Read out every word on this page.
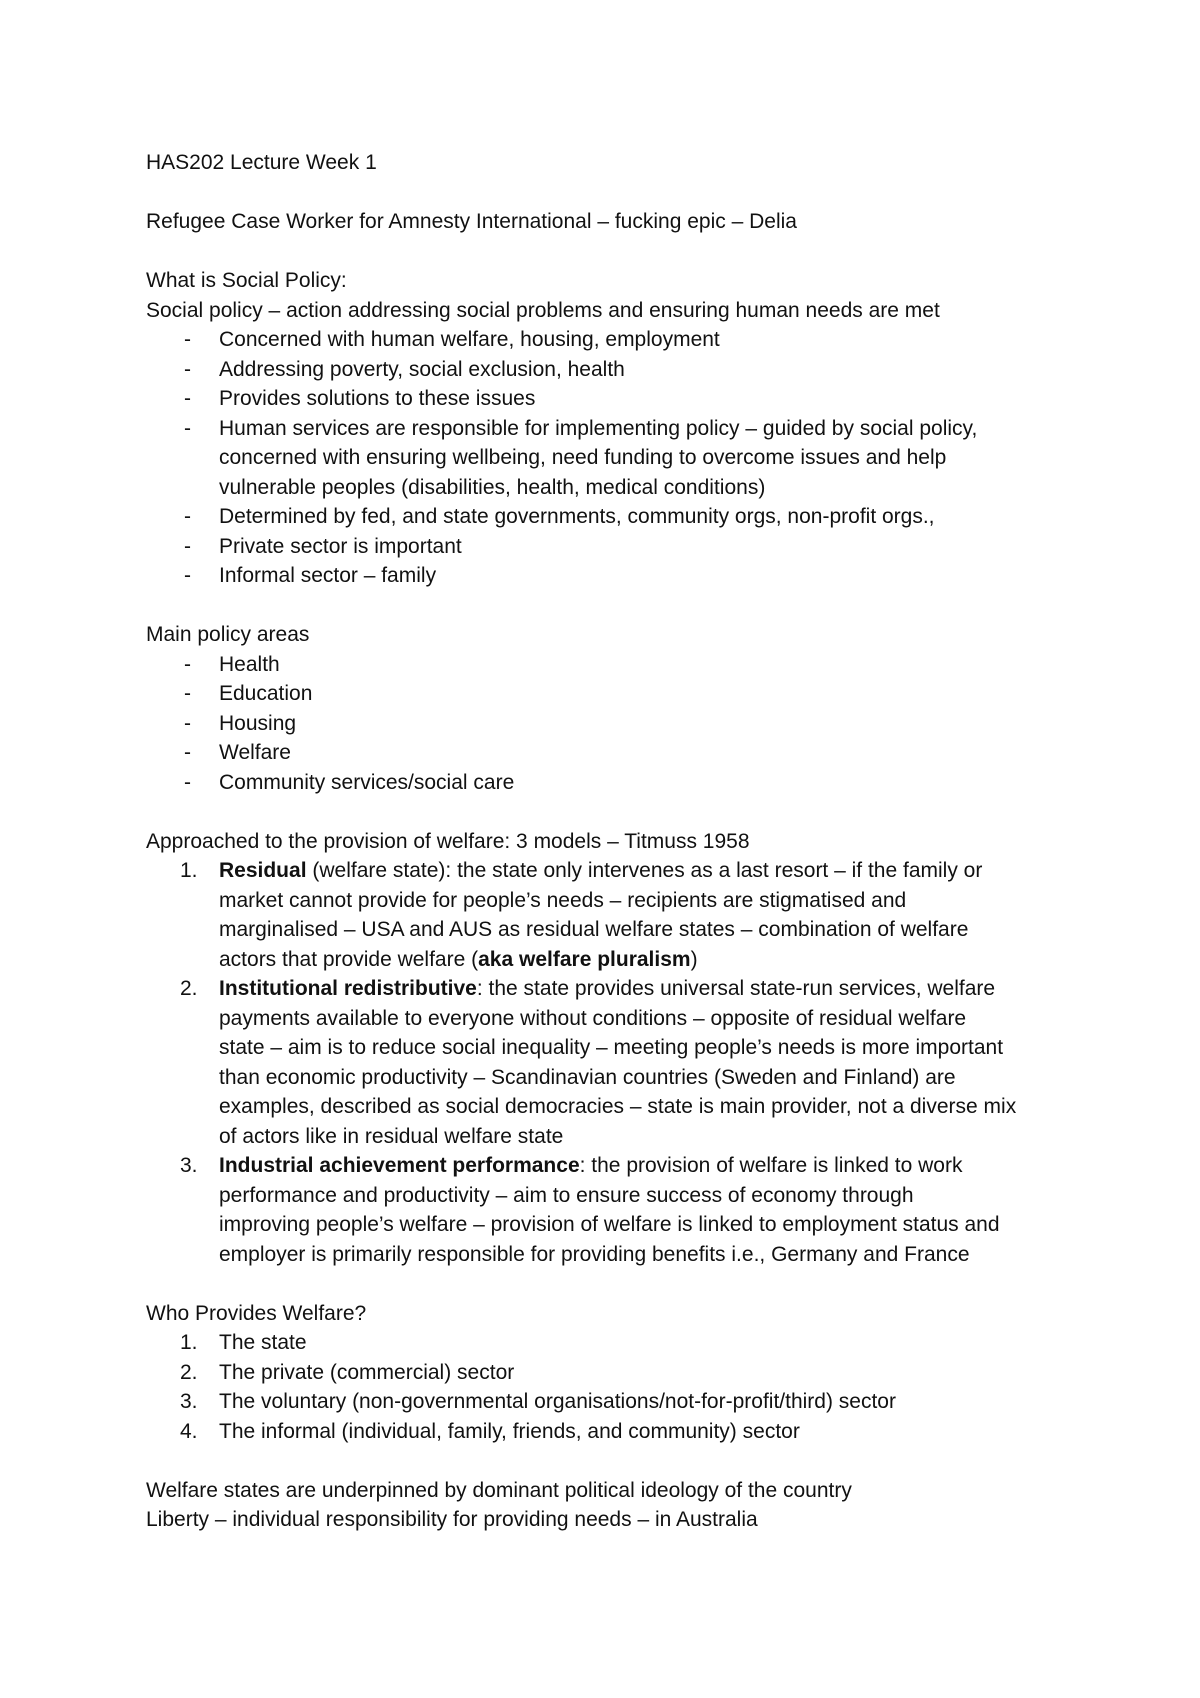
HAS202 Lecture Week 1

Refugee Case Worker for Amnesty International – fucking epic – Delia

What is Social Policy:

Social policy – action addressing social problems and ensuring human needs are met

- Concerned with human welfare, housing, employment
- Addressing poverty, social exclusion, health
- Provides solutions to these issues
- Human services are responsible for implementing policy – guided by social policy,
concerned with ensuring wellbeing, need funding to overcome issues and help
vulnerable peoples (disabilities, health, medical conditions)
- Determined by fed, and state governments, community orgs, non-profit orgs.,
- Private sector is important
- Informal sector – family

Main policy areas

- Health
- Education
- Housing
- Welfare
- Community services/social care

Approached to the provision of welfare: 3 models – Titmuss 1958

1. Residual (welfare state): the state only intervenes as a last resort – if the family or
market cannot provide for people’s needs – recipients are stigmatised and
marginalised – USA and AUS as residual welfare states – combination of welfare
actors that provide welfare (aka welfare pluralism)
2. Institutional redistributive: the state provides universal state-run services, welfare
payments available to everyone without conditions – opposite of residual welfare
state – aim is to reduce social inequality – meeting people’s needs is more important
than economic productivity – Scandinavian countries (Sweden and Finland) are
examples, described as social democracies – state is main provider, not a diverse mix
of actors like in residual welfare state
3. Industrial achievement performance: the provision of welfare is linked to work
performance and productivity – aim to ensure success of economy through
improving people’s welfare – provision of welfare is linked to employment status and
employer is primarily responsible for providing benefits i.e., Germany and France

Who Provides Welfare?

1. The state
2. The private (commercial) sector
3. The voluntary (non-governmental organisations/not-for-profit/third) sector
4. The informal (individual, family, friends, and community) sector

Welfare states are underpinned by dominant political ideology of the country

Liberty – individual responsibility for providing needs – in Australia
